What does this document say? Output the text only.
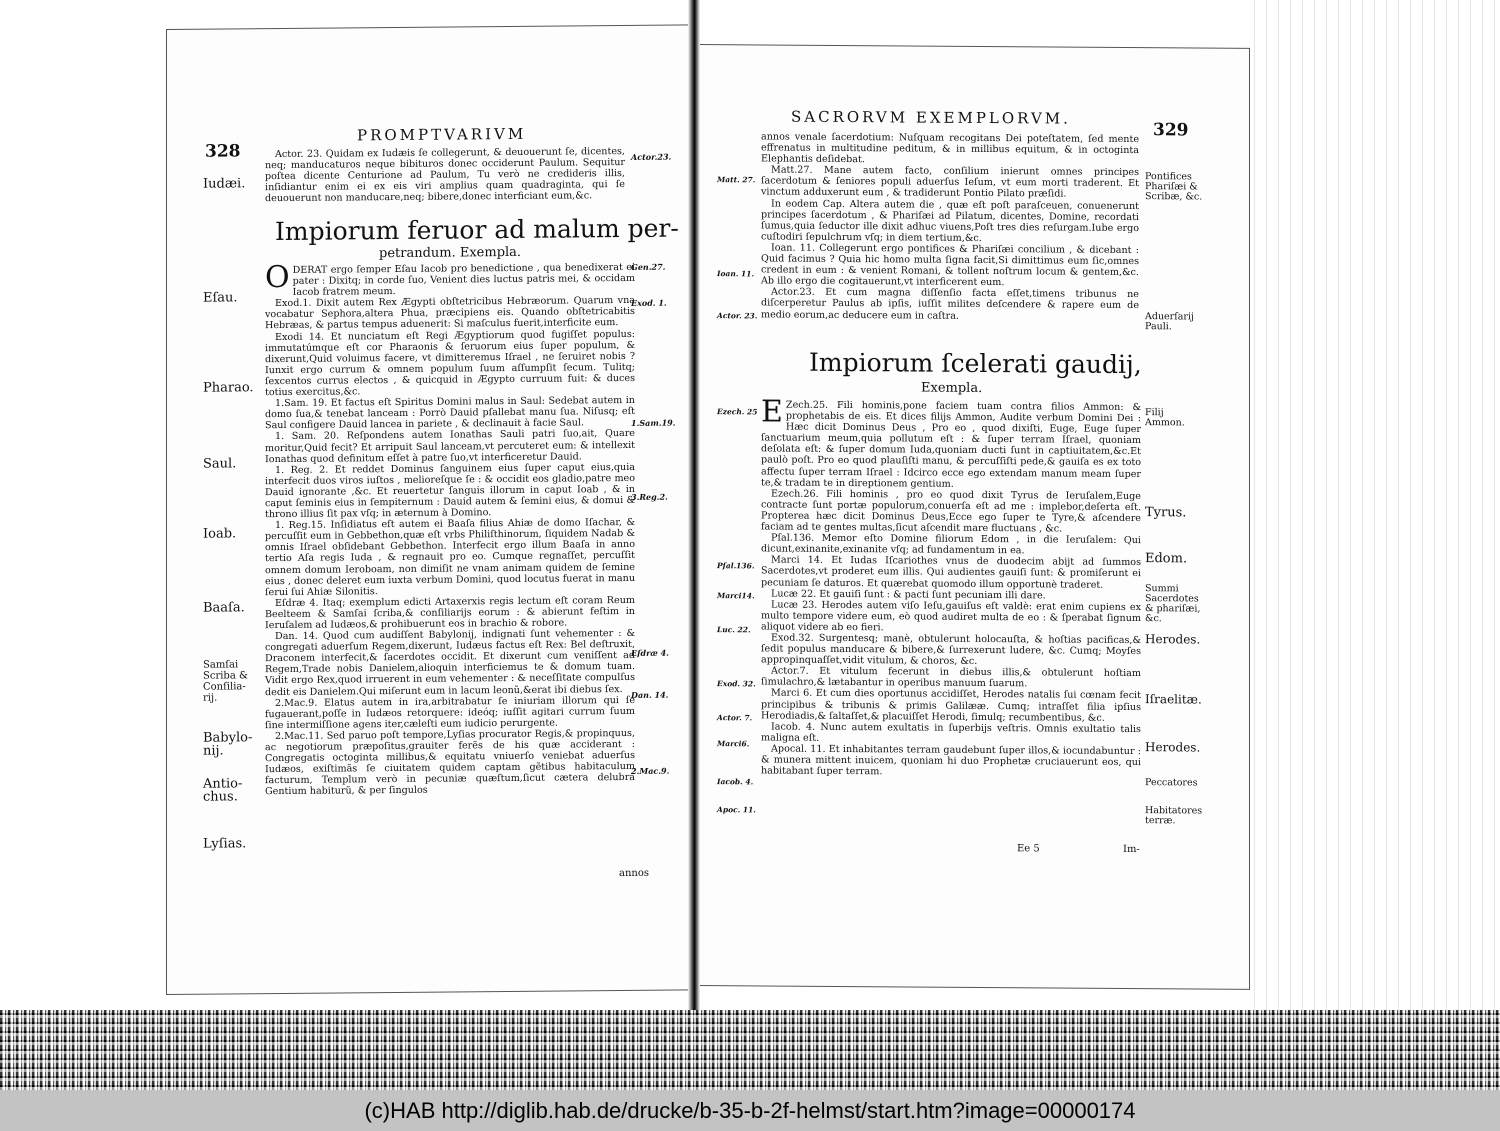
PROMPTVARIVM
328	Actor.23.

Actor. 23. Quidam ex Iudæis ſe collegerunt, & deuouerunt ſe, dicentes, neq; manducaturos neque bibituros donec occiderunt Paulum. Sequitur poſtea dicente Centurione ad Paulum, Tu verò ne credideris illis, inſidiantur enim ei ex eis viri amplius quam quadraginta, qui ſe deuouerunt non manducare,neq; bibere,donec interficiant eum,&c.

Impiorum feruor ad malum per-
petrandum. Exempla.

ODERAT ergo ſemper Eſau Iacob pro benedictione , qua benedixerat ei pater : Dixitq; in corde ſuo, Venient dies luctus patris mei, & occidam Iacob fratrem meum.

Exod.1. Dixit autem Rex Ægypti obſtetricibus Hebræorum. Quarum vna vocabatur Sephora,altera Phua, præcipiens eis. Quando obſtetricabitis Hebræas, & partus tempus aduenerit: Si maſculus fuerit,interficite eum.

Exodi 14. Et nunciatum eſt Regi Ægyptiorum quod fugiſſet populus: immutatúmque eſt cor Pharaonis & ſeruorum eius ſuper populum, & dixerunt,Quid voluimus facere, vt dimitteremus Iſrael , ne ſeruiret nobis ? Iunxit ergo currum & omnem populum ſuum aſſumpſit ſecum. Tulitq; ſexcentos currus electos , & quicquid in Ægypto curruum fuit: & duces totius exercitus,&c.

1.Sam. 19. Et factus eſt Spiritus Domini malus in Saul: Sedebat autem in domo ſua,& tenebat lanceam : Porrò Dauid pſallebat manu ſua. Niſusq; eſt Saul configere Dauid lancea in pariete , & declinauit à facie Saul.

1. Sam. 20. Reſpondens autem Ionathas Sauli patri ſuo,ait, Quare moritur,Quid fecit? Et arripuit Saul lanceam,vt percuteret eum: & intellexit Ionathas quod definitum eſſet à patre ſuo,vt interficeretur Dauid.

1. Reg. 2. Et reddet Dominus ſanguinem eius ſuper caput eius,quia interfecit duos viros iuſtos , melioreſque ſe : & occidit eos gladio,patre meo Dauid ignorante ,&c. Et reuertetur ſanguis illorum in caput Ioab , & in caput ſeminis eius in ſempiternum : Dauid autem & ſemini eius, & domui & throno illius ſit pax vſq; in æternum à Domino.

1. Reg.15. Inſidiatus eſt autem ei Baaſa filius Ahiæ de domo Iſachar, & percuſſit eum in Gebbethon,quæ eſt vrbs Philiſthinorum, ſiquidem Nadab & omnis Iſrael obſidebant Gebbethon. Interfecit ergo illum Baaſa in anno tertio Aſa regis Iuda , & regnauit pro eo. Cumque regnaſſet, percuſſit omnem domum Ieroboam, non dimiſit ne vnam animam quidem de ſemine eius , donec deleret eum iuxta verbum Domini, quod locutus fuerat in manu ſerui ſui Ahiæ Silonitis.

Eſdræ 4. Itaq; exemplum edicti Artaxerxis regis lectum eſt coram Reum Beelteem & Samſai ſcriba,& conſiliarijs eorum : & abierunt feſtim in Ieruſalem ad Iudæos,& prohibuerunt eos in brachio & robore.

Dan. 14. Quod cum audiſſent Babylonij, indignati ſunt vehementer : & congregati aduerſum Regem,dixerunt, Iudæus factus eſt Rex: Bel deſtruxit, Draconem interfecit,& ſacerdotes occidit. Et dixerunt cum veniſſent ad Regem,Trade nobis Danielem,alioquin interficiemus te & domum tuam. Vidit ergo Rex,quod irruerent in eum vehementer : & neceſſitate compulſus dedit eis Danielem.Qui miſerunt eum in lacum leonũ,&erat ibi diebus ſex.

2.Mac.9. Elatus autem in ira,arbitrabatur ſe iniuriam illorum qui ſe fugauerant,poſſe in Iudæos retorquere: ideóq; iuſſit agitari currum ſuum ſine intermiſſione agens iter,cæleſti eum iudicio perurgente.

2.Mac.11. Sed paruo poſt tempore,Lyſias procurator Regis,& propinquus, ac negotiorum præpoſitus,grauiter ferẽs de his quæ acciderant : Congregatis octoginta millibus,& equitatu vniuerſo veniebat aduerſus Iudæos, exiſtimãs ſe ciuitatem quidem captam gẽtibus habitaculum facturum, Templum verò in pecuniæ quæſtum,ſicut cætera delubra Gentium habiturũ, & per ſingulos

annos
Gen.27.
Exod. 1.
1.Sam.19.
3.Reg.2.
Eſdræ 4.
Dan. 14.
2.Mac.9.
Iudæi.
Eſau.
Pharao.
Saul.
Ioab.
Baaſa.
Samſai Scriba & Conſilia-rij.
Babylo-nij.
Antio-chus.
Lyſias.
SACRORVM EXEMPLORVM.
329

annos venale ſacerdotium: Nuſquam recogitans Dei poteſtatem, ſed mente effrenatus in multitudine peditum, & in millibus equitum, & in octoginta Elephantis deſidebat.

Matt.27. Mane autem facto, conſilium inierunt omnes principes ſacerdotum & ſeniores populi aduerſus Ieſum, vt eum morti traderent. Et vinctum adduxerunt eum , & tradiderunt Pontio Pilato præſidi.

In eodem Cap. Altera autem die , quæ eſt poſt paraſceuen, conuenerunt principes ſacerdotum , & Phariſæi ad Pilatum, dicentes, Domine, recordati ſumus,quia ſeductor ille dixit adhuc viuens,Poſt tres dies reſurgam.Iube ergo cuſtodiri ſepulchrum vſq; in diem tertium,&c.

Ioan. 11. Collegerunt ergo pontifices & Phariſæi concilium , & dicebant : Quid facimus ? Quia hic homo multa ſigna facit,Si dimittimus eum ſic,omnes credent in eum : & venient Romani, & tollent noſtrum locum & gentem,&c. Ab illo ergo die cogitauerunt,vt interficerent eum.

Actor.23. Et cum magna diſſenſio facta eſſet,timens tribunus ne diſcerperetur Paulus ab ipſis, iuſſit milites deſcendere & rapere eum de medio eorum,ac deducere eum in caſtra.

Impiorum ſcelerati gaudij,
Exempla.

E Zech.25. Fili hominis,pone faciem tuam contra filios Ammon: & prophetabis de eis. Et dices filijs Ammon, Audite verbum Domini Dei : Hæc dicit Dominus Deus , Pro eo , quod dixiſti, Euge, Euge ſuper ſanctuarium meum,quia pollutum eſt : & ſuper terram Iſrael, quoniam deſolata eſt: & ſuper domum Iuda,quoniam ducti ſunt in captiuitatem,&c.Et paulò poſt. Pro eo quod plauſiſti manu, & percuſſiſti pede,& gauiſa es ex toto affectu ſuper terram Iſrael : Idcirco ecce ego extendam manum meam ſuper te,& tradam te in direptionem gentium.

Ezech.26. Fili hominis , pro eo quod dixit Tyrus de Ieruſalem,Euge contracte ſunt portæ populorum,conuerſa eſt ad me : implebor,deſerta eſt. Propterea hæc dicit Dominus Deus,Ecce ego ſuper te Tyre,& aſcendere faciam ad te gentes multas,ſicut aſcendit mare fluctuans , &c.

Pſal.136. Memor eſto Domine filiorum Edom , in die Ieruſalem: Qui dicunt,exinanite,exinanite vſq; ad fundamentum in ea.

Marci 14. Et Iudas Iſcariothes vnus de duodecim abijt ad ſummos Sacerdotes,vt proderet eum illis. Qui audientes gauiſi ſunt: & promiſerunt ei pecuniam ſe daturos. Et quærebat quomodo illum opportunè traderet.

Lucæ 22. Et gauiſi ſunt : & pacti ſunt pecuniam illi dare.

Lucæ 23. Herodes autem viſo Ieſu,gauiſus eſt valdè: erat enim cupiens ex multo tempore videre eum, eò quod audiret multa de eo : & ſperabat ſignum aliquot videre ab eo fieri.

Exod.32. Surgentesq; manè, obtulerunt holocauſta, & hoſtias pacificas,& ſedit populus manducare & bibere,& ſurrexerunt ludere, &c. Cumq; Moyſes appropinquaſſet,vidit vitulum, & choros, &c.

Actor.7. Et vitulum fecerunt in diebus illis,& obtulerunt hoſtiam ſimulachro,& lætabantur in operibus manuum ſuarum.

Marci 6. Et cum dies oportunus accidiſſet, Herodes natalis ſui cœnam fecit principibus & tribunis & primis Galilææ. Cumq; intraſſet filia ipſius Herodiadis,& ſaltaſſet,& placuiſſet Herodi, ſimulq; recumbentibus, &c.

Iacob. 4. Nunc autem exultatis in ſuperbijs veſtris. Omnis exultatio talis maligna eſt.

Apocal. 11. Et inhabitantes terram gaudebunt ſuper illos,& iocundabuntur : & munera mittent inuicem, quoniam hi duo Prophetæ cruciauerunt eos, qui habitabant ſuper terram.

Ee 5	Im-
Matt. 27.
Ioan. 11.
Actor. 23.
Ezech. 25
Pſal.136.
Marci14.
Luc. 22.
Exod. 32.
Actor. 7.
Marci6.
Iacob. 4.
Apoc. 11.
Pontifices Phariſæi & Scribæ, &c.
Aduerſarij Pauli.
Filij Ammon.
Tyrus.
Edom.
Summi Sacerdotes & phariſæi, &c.
Herodes.
Iſraelitæ.
Herodes.
Peccatores
Habitatores terræ.
(c)HAB http://diglib.hab.de/drucke/b-35-b-2f-helmst/start.htm?image=00000174
